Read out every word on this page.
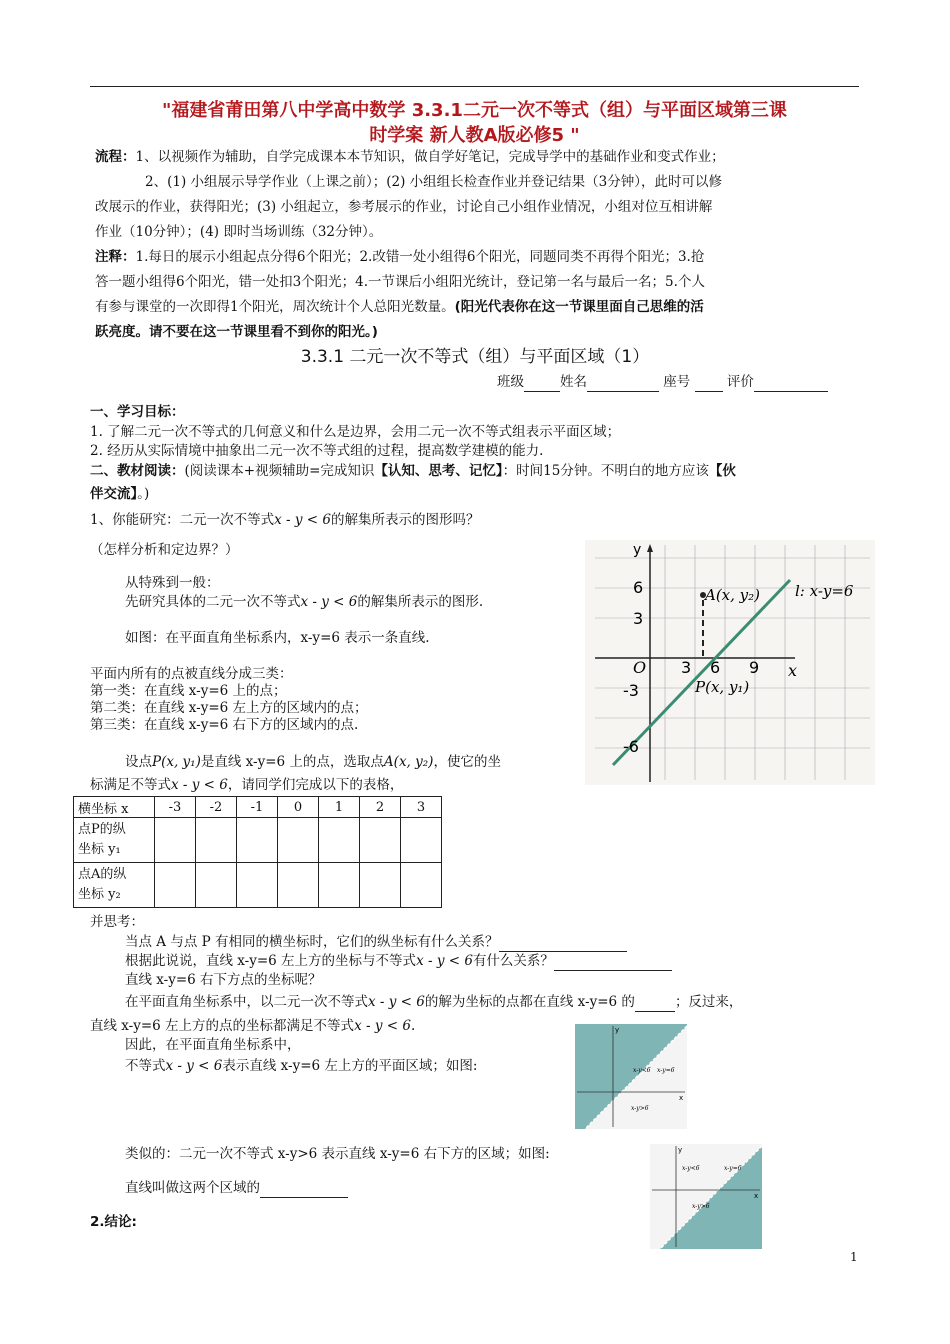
"福建省莆田第八中学高中数学 3.3.1二元一次不等式（组）与平面区域第三课
时学案 新人教A版必修5 "
流程：1、以视频作为辅助，自学完成课本本节知识，做自学好笔记，完成导学中的基础作业和变式作业；
2、(1) 小组展示导学作业（上课之前）；(2) 小组组长检查作业并登记结果（3分钟），此时可以修
改展示的作业，获得阳光；(3) 小组起立，参考展示的作业，讨论自己小组作业情况，小组对位互相讲解
作业（10分钟）；(4) 即时当场训练（32分钟）。
注释：1.每日的展示小组起点分得6个阳光；2.改错一处小组得6个阳光，同题同类不再得个阳光；3.抢
答一题小组得6个阳光，错一处扣3个阳光；4.一节课后小组阳光统计，登记第一名与最后一名；5.个人
有参与课堂的一次即得1个阳光，周次统计个人总阳光数量。(阳光代表你在这一节课里面自己思维的活
跃亮度。请不要在这一节课里看不到你的阳光。)
3.3.1 二元一次不等式（组）与平面区域（1）
班级	姓名	座号	评价
一、学习目标：
1. 了解二元一次不等式的几何意义和什么是边界，会用二元一次不等式组表示平面区域；
2. 经历从实际情境中抽象出二元一次不等式组的过程，提高数学建模的能力.
二、教材阅读：(阅读课本+视频辅助=完成知识【认知、思考、记忆】：时间15分钟。不明白的地方应该【伙
伴交流】。)
1、你能研究：二元一次不等式x - y < 6的解集所表示的图形吗？
（怎样分析和定边界？）
从特殊到一般：
先研究具体的二元一次不等式x - y < 6的解集所表示的图形.
如图：在平面直角坐标系内，x-y=6 表示一条直线.
平面内所有的点被直线分成三类：
第一类：在直线 x-y=6 上的点；
第二类：在直线 x-y=6 左上方的区域内的点；
第三类：在直线 x-y=6 右下方的区域内的点.
设点P(x, y₁)是直线 x-y=6 上的点，选取点A(x, y₂)，使它的坐
标满足不等式x - y < 6，请同学们完成以下的表格，
横坐标 x	-3	-2	-1	0	1	2	3
点P的纵
坐标 y₁							
点A的纵
坐标 y₂							
并思考：
当点 A 与点 P 有相同的横坐标时，它们的纵坐标有什么关系？
根据此说说，直线 x-y=6 左上方的坐标与不等式x - y < 6有什么关系？
直线 x-y=6 右下方点的坐标呢？
在平面直角坐标系中，以二元一次不等式x - y < 6的解为坐标的点都在直线 x-y=6 的	；反过来，
直线 x-y=6 左上方的点的坐标都满足不等式x - y < 6.
因此，在平面直角坐标系中，
不等式x - y < 6表示直线 x-y=6 左上方的平面区域；如图:
类似的：二元一次不等式 x-y>6 表示直线 x-y=6 右下方的区域；如图:
直线叫做这两个区域的
2.结论:
y
x
O
6
3
-3
-6
3 6 9
A(x, y₂)
P(x, y₁)
l: x-y=6
y
x
x-y<6 x-y=6
x-y>6
y
x
x-y<6	x-y=6
x-y>6
1
